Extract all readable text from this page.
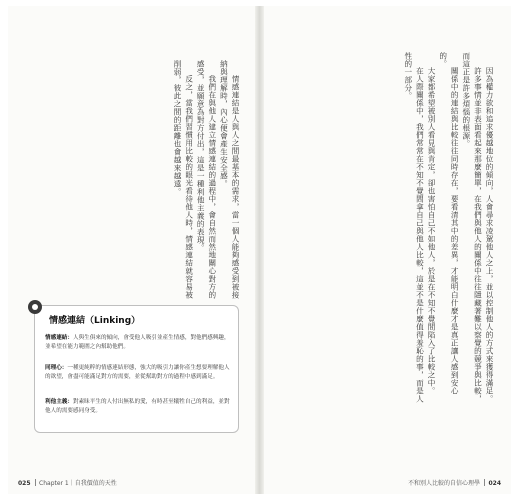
情感連結是人與人之間最基本的需求，當一個人能夠感受到被接納與理解時，內心便會產生安全感。

我們在與他人建立情感連結的過程中，會自然而然地關心對方的感受，並願意為對方付出，這是一種利他主義的表現。

反之，當我們習慣用比較的眼光看待他人時，情感連結就容易被削弱，彼此之間的距離也會越來越遠。

情感連結（Linking）
情感連結：人與生俱來的傾向，會受他人吸引並產生情感，對他們感興趣，並希望在能力範圍之內幫助他們。
同理心：一種更純粹的情感連結形態，強大的吸引力讓你產生想要理解他人的欲望，會盡可能滿足對方的需要，並從幫助對方的過程中感到滿足。
利他主義：對素昧平生的人付出無私的愛，有時甚至犧牲自己的利益，並對他人的需要感同身受。
025 Chapter 1｜自我價值的天性

因為權力欲和追求優越地位的傾向，人會尋求凌駕他人之上，並以控制他人的方式來獲得滿足。

許多事情並非表面看起來那麼簡單，在我們與他人的關係中往往隱藏著難以察覺的競爭與比較，而這正是許多煩惱的根源。

關係中的連結與比較往往同時存在，要看清其中的差異，才能明白什麼才是真正讓人感到安心的。

大家都希望被別人看見與肯定，卻也害怕自己不如他人，於是在不知不覺間陷入了比較之中。

在人際關係中，我們常常在不知不覺間拿自己與他人比較，這並不是什麼值得羞恥的事，而是人性的一部分。

不和別人比較的自信心理學 024
